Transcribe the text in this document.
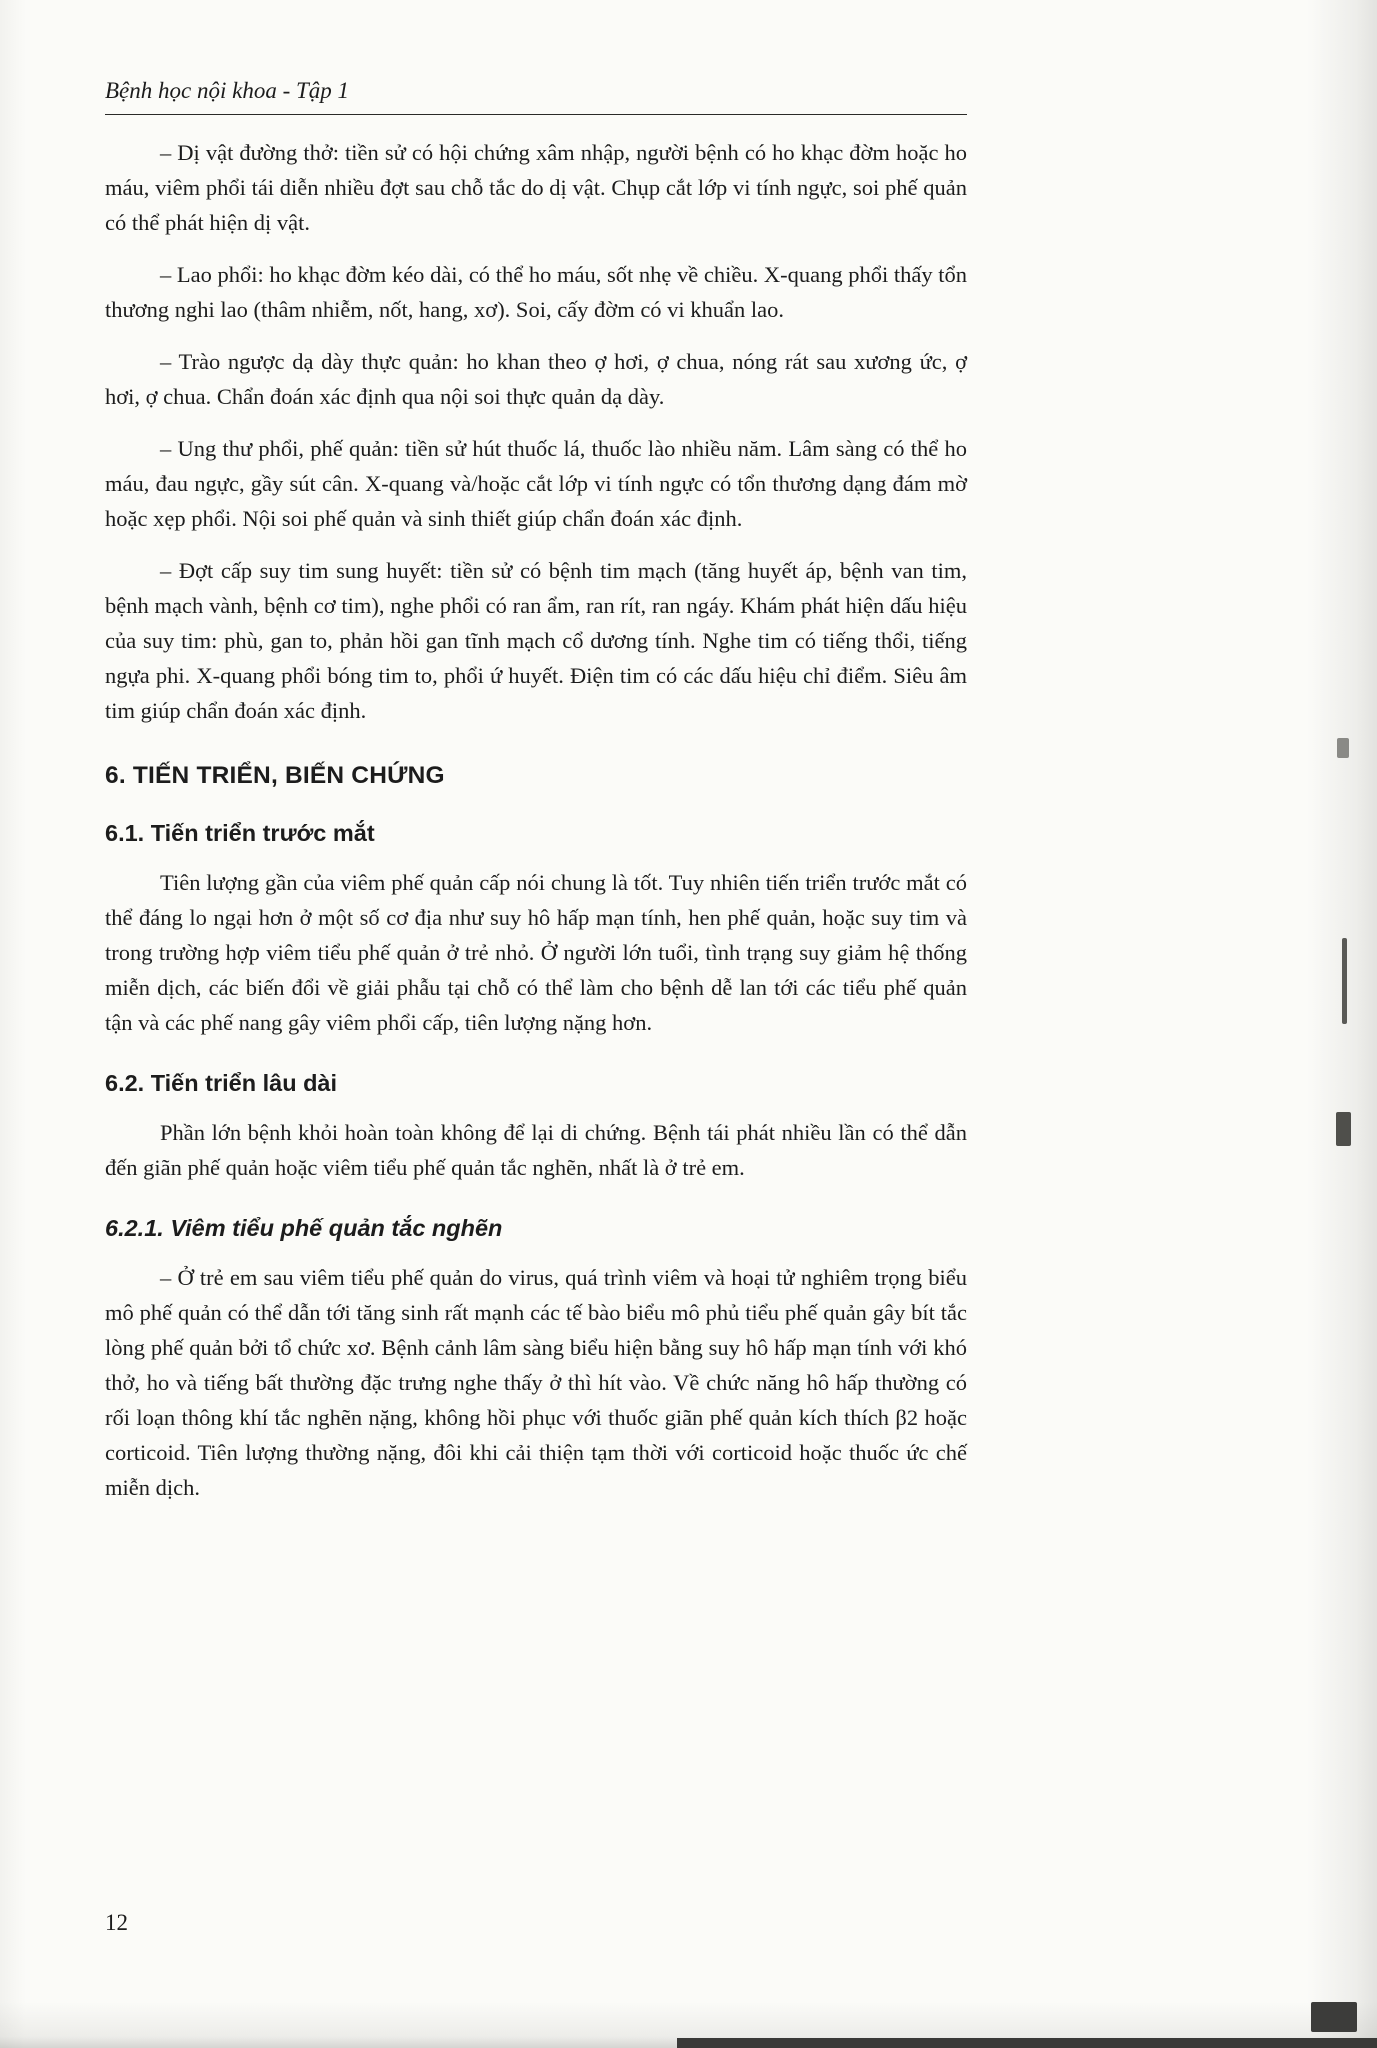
Bệnh học nội khoa - Tập 1

– Dị vật đường thở: tiền sử có hội chứng xâm nhập, người bệnh có ho khạc đờm hoặc ho máu, viêm phổi tái diễn nhiều đợt sau chỗ tắc do dị vật. Chụp cắt lớp vi tính ngực, soi phế quản có thể phát hiện dị vật.

– Lao phổi: ho khạc đờm kéo dài, có thể ho máu, sốt nhẹ về chiều. X-quang phổi thấy tổn thương nghi lao (thâm nhiễm, nốt, hang, xơ). Soi, cấy đờm có vi khuẩn lao.

– Trào ngược dạ dày thực quản: ho khan theo ợ hơi, ợ chua, nóng rát sau xương ức, ợ hơi, ợ chua. Chẩn đoán xác định qua nội soi thực quản dạ dày.

– Ung thư phổi, phế quản: tiền sử hút thuốc lá, thuốc lào nhiều năm. Lâm sàng có thể ho máu, đau ngực, gầy sút cân. X-quang và/hoặc cắt lớp vi tính ngực có tổn thương dạng đám mờ hoặc xẹp phổi. Nội soi phế quản và sinh thiết giúp chẩn đoán xác định.

– Đợt cấp suy tim sung huyết: tiền sử có bệnh tim mạch (tăng huyết áp, bệnh van tim, bệnh mạch vành, bệnh cơ tim), nghe phổi có ran ẩm, ran rít, ran ngáy. Khám phát hiện dấu hiệu của suy tim: phù, gan to, phản hồi gan tĩnh mạch cổ dương tính. Nghe tim có tiếng thổi, tiếng ngựa phi. X-quang phổi bóng tim to, phổi ứ huyết. Điện tim có các dấu hiệu chỉ điểm. Siêu âm tim giúp chẩn đoán xác định.

6. TIẾN TRIỂN, BIẾN CHỨNG
6.1. Tiến triển trước mắt

Tiên lượng gần của viêm phế quản cấp nói chung là tốt. Tuy nhiên tiến triển trước mắt có thể đáng lo ngại hơn ở một số cơ địa như suy hô hấp mạn tính, hen phế quản, hoặc suy tim và trong trường hợp viêm tiểu phế quản ở trẻ nhỏ. Ở người lớn tuổi, tình trạng suy giảm hệ thống miễn dịch, các biến đổi về giải phẫu tại chỗ có thể làm cho bệnh dễ lan tới các tiểu phế quản tận và các phế nang gây viêm phổi cấp, tiên lượng nặng hơn.

6.2. Tiến triển lâu dài

Phần lớn bệnh khỏi hoàn toàn không để lại di chứng. Bệnh tái phát nhiều lần có thể dẫn đến giãn phế quản hoặc viêm tiểu phế quản tắc nghẽn, nhất là ở trẻ em.

6.2.1. Viêm tiểu phế quản tắc nghẽn

– Ở trẻ em sau viêm tiểu phế quản do virus, quá trình viêm và hoại tử nghiêm trọng biểu mô phế quản có thể dẫn tới tăng sinh rất mạnh các tế bào biểu mô phủ tiểu phế quản gây bít tắc lòng phế quản bởi tổ chức xơ. Bệnh cảnh lâm sàng biểu hiện bằng suy hô hấp mạn tính với khó thở, ho và tiếng bất thường đặc trưng nghe thấy ở thì hít vào. Về chức năng hô hấp thường có rối loạn thông khí tắc nghẽn nặng, không hồi phục với thuốc giãn phế quản kích thích β2 hoặc corticoid. Tiên lượng thường nặng, đôi khi cải thiện tạm thời với corticoid hoặc thuốc ức chế miễn dịch.

12
